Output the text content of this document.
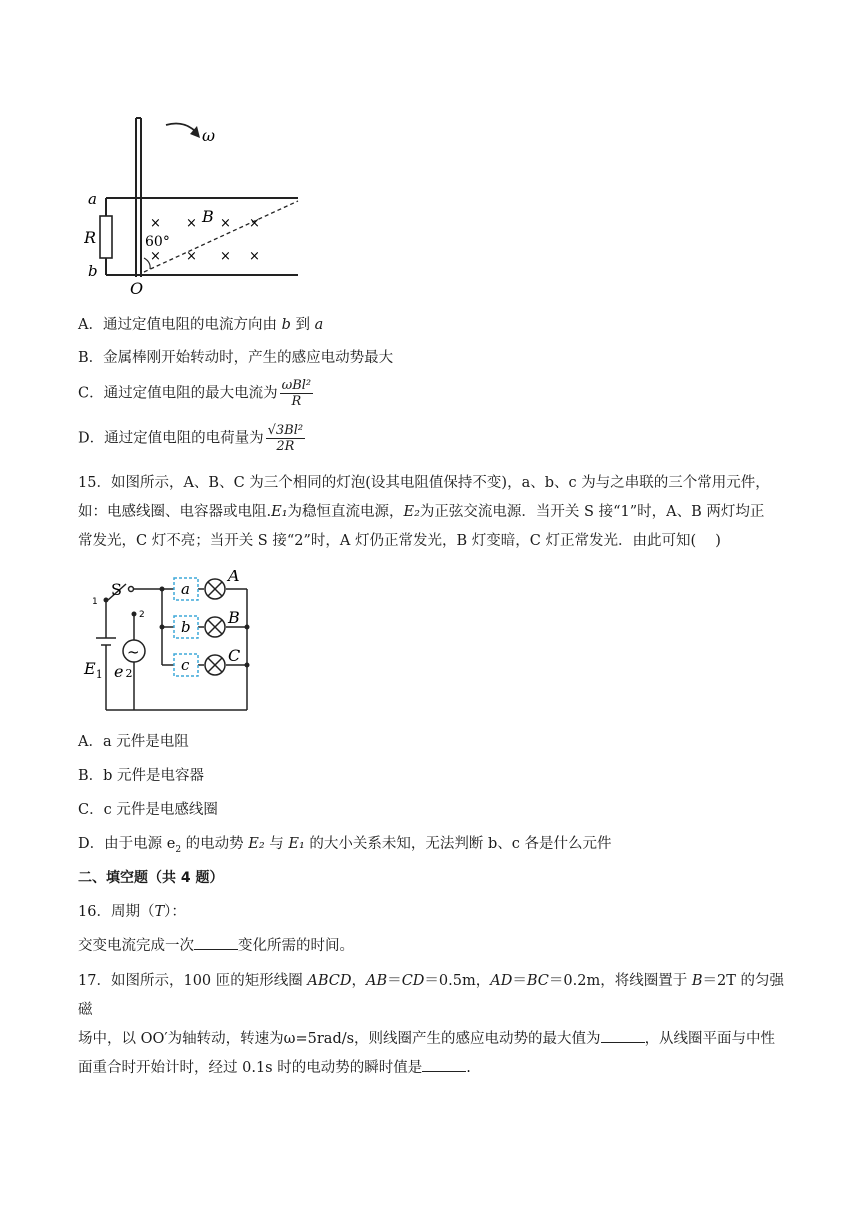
ω
a
R
b
O
60°
B
× × × ×
× × × ×
A．通过定值电阻的电流方向由 b 到 a
B．金属棒刚开始转动时，产生的感应电动势最大
C．通过定值电阻的最大电流为 $\frac{\text{ωBl²}}{R}$
D．通过定值电阻的电荷量为 $\frac{\text{√3Bl²}}{2R}$
15．如图所示，A、B、C 为三个相同的灯泡(设其电阻值保持不变)，a、b、c 为与之串联的三个常用元件，
如：电感线圈、电容器或电阻.E₁为稳恒直流电源，E₂为正弦交流电源．当开关 S 接“1”时，A、B 两灯均正
常发光，C 灯不亮；当开关 S 接“2”时，A 灯仍正常发光，B 灯变暗，C 灯正常发光．由此可知(　 )
a
b
c
A
B
C
S
1
2
~
$E_1$ e 2
A．a 元件是电阻
B．b 元件是电容器
C．c 元件是电感线圈
D．由于电源 $e_2$ 的电动势 E₂ 与 E₁ 的大小关系未知，无法判断 b、c 各是什么元件
二、填空题（共 4 题）
16．周期（T）：
交变电流完成一次	变化所需的时间。
17．如图所示，100 匝的矩形线圈 ABCD，AB＝CD＝0.5m，AD＝BC＝0.2m，将线圈置于 B＝2T 的匀强磁
场中，以 OO′为轴转动，转速为ω=5rad/s，则线圈产生的感应电动势的最大值为	，从线圈平面与中性
面重合时开始计时，经过 0.1s 时的电动势的瞬时值是	.
